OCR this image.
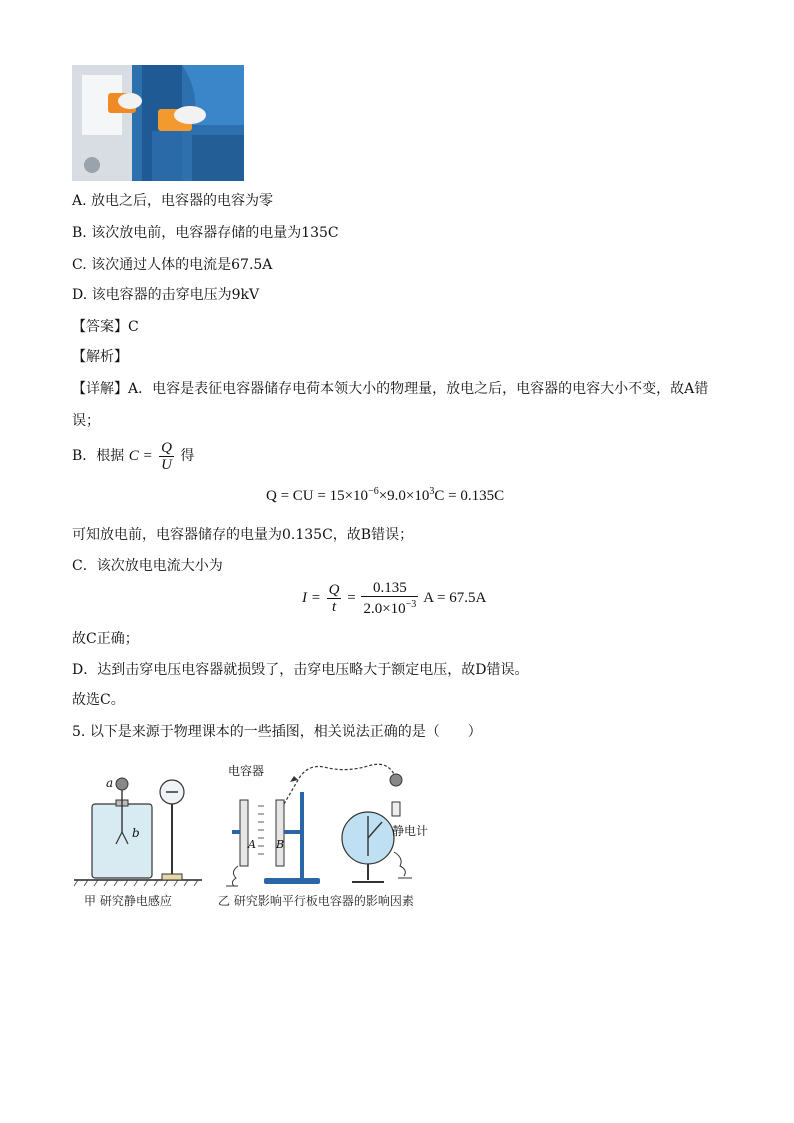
A. 放电之后，电容器的电容为零
B. 该次放电前，电容器存储的电量为135C
C. 该次通过人体的电流是67.5A
D. 该电容器的击穿电压为9kV
【答案】C
【解析】
【详解】A．电容是表征电容器储存电荷本领大小的物理量，放电之后，电容器的电容大小不变，故A错
误；
B．根据 $C = \frac{Q}{U}$ 得
Q = CU = $15\times 10^{-6}\times 9.0\times 10^3C = 0.135C$
可知放电前，电容器储存的电量为0.135C，故B错误；
C．该次放电电流大小为
$I = \frac{Q}{t} = \frac{0.135}{2.0\times 10^{-3}}$ A = 67.5A
故C正确；
D．达到击穿电压电容器就损毁了，击穿电压略大于额定电压，故D错误。
故选C。
5. 以下是来源于物理课本的一些插图，相关说法正确的是（　　）
a
b
甲 研究静电感应
电容器
A B
静电计
乙 研究影响平行板电容器的影响因素
